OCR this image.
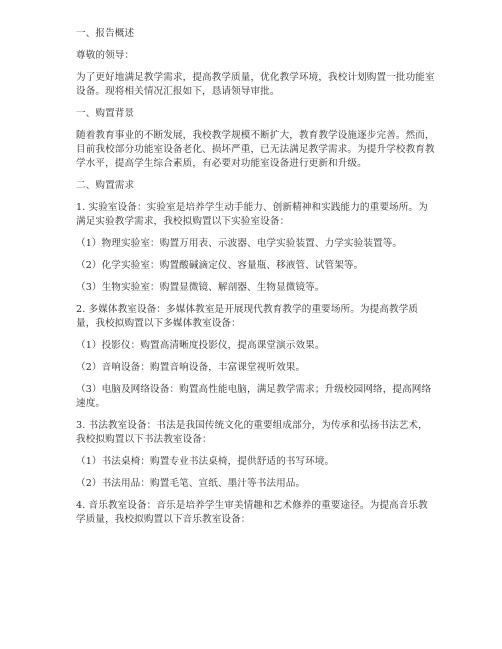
一、报告概述

尊敬的领导：

为了更好地满足教学需求，提高教学质量，优化教学环境，我校计划购置一批功能室设备。现将相关情况汇报如下，恳请领导审批。

一、购置背景

随着教育事业的不断发展，我校教学规模不断扩大，教育教学设施逐步完善。然而，目前我校部分功能室设备老化、损坏严重，已无法满足教学需求。为提升学校教育教学水平，提高学生综合素质，有必要对功能室设备进行更新和升级。

二、购置需求

1. 实验室设备：实验室是培养学生动手能力、创新精神和实践能力的重要场所。为满足实验教学需求，我校拟购置以下实验室设备：

（1）物理实验室：购置万用表、示波器、电学实验装置、力学实验装置等。

（2）化学实验室：购置酸碱滴定仪、容量瓶、移液管、试管架等。

（3）生物实验室：购置显微镜、解剖器、生物显微镜等。

2. 多媒体教室设备：多媒体教室是开展现代教育教学的重要场所。为提高教学质量，我校拟购置以下多媒体教室设备：

（1）投影仪：购置高清晰度投影仪，提高课堂演示效果。

（2）音响设备：购置音响设备，丰富课堂视听效果。

（3）电脑及网络设备：购置高性能电脑，满足教学需求；升级校园网络，提高网络速度。

3. 书法教室设备：书法是我国传统文化的重要组成部分，为传承和弘扬书法艺术，我校拟购置以下书法教室设备：

（1）书法桌椅：购置专业书法桌椅，提供舒适的书写环境。

（2）书法用品：购置毛笔、宣纸、墨汁等书法用品。

4. 音乐教室设备：音乐是培养学生审美情趣和艺术修养的重要途径。为提高音乐教学质量，我校拟购置以下音乐教室设备：
